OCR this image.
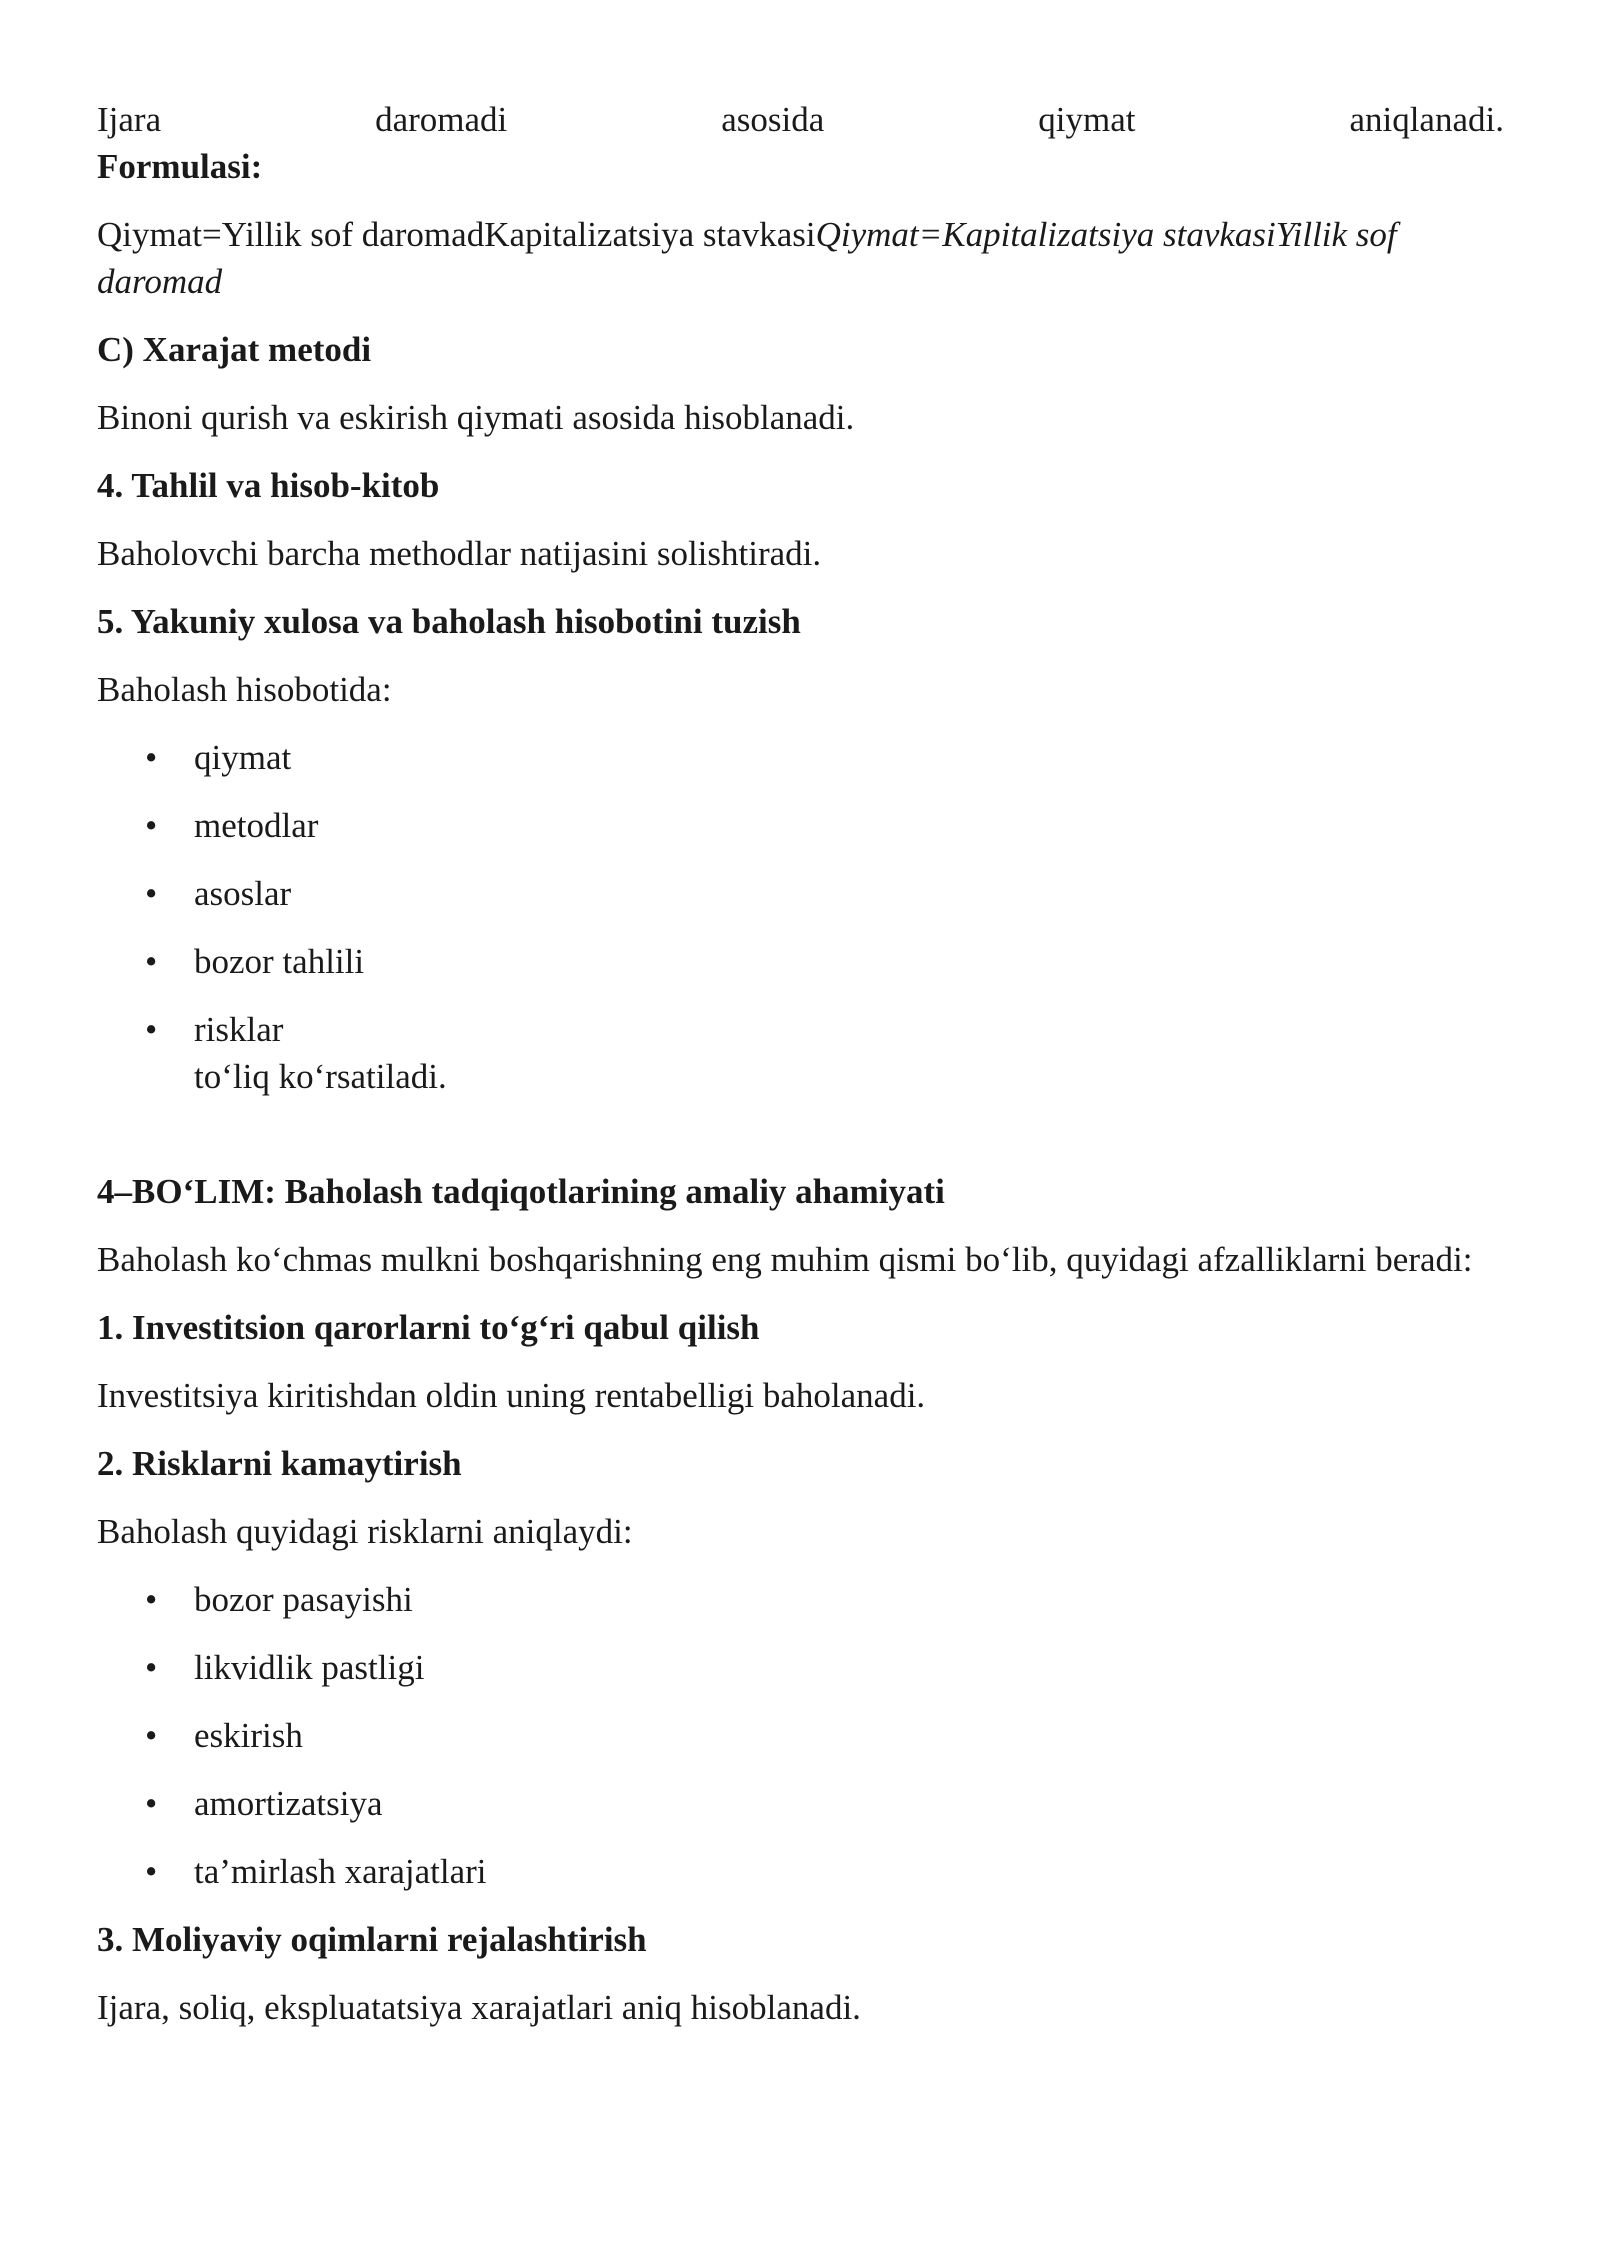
Ijara	daromadi	asosida	qiymat	aniqlanadi.

Formulasi:

Qiymat=Yillik sof daromadKapitalizatsiya stavkasiQiymat=Kapitalizatsiya stavkasiYillik sof daromad

C) Xarajat metodi

Binoni qurish va eskirish qiymati asosida hisoblanadi.

4. Tahlil va hisob-kitob

Baholovchi barcha methodlar natijasini solishtiradi.

5. Yakuniy xulosa va baholash hisobotini tuzish

Baholash hisobotida:

• qiymat
• metodlar
• asoslar
• bozor tahlili
• risklar
to‘liq ko‘rsatiladi.

4–BO‘LIM: Baholash tadqiqotlarining amaliy ahamiyati

Baholash ko‘chmas mulkni boshqarishning eng muhim qismi bo‘lib, quyidagi afzalliklarni beradi:

1. Investitsion qarorlarni to‘g‘ri qabul qilish

Investitsiya kiritishdan oldin uning rentabelligi baholanadi.

2. Risklarni kamaytirish

Baholash quyidagi risklarni aniqlaydi:

• bozor pasayishi
• likvidlik pastligi
• eskirish
• amortizatsiya
• ta’mirlash xarajatlari

3. Moliyaviy oqimlarni rejalashtirish

Ijara, soliq, ekspluatatsiya xarajatlari aniq hisoblanadi.
